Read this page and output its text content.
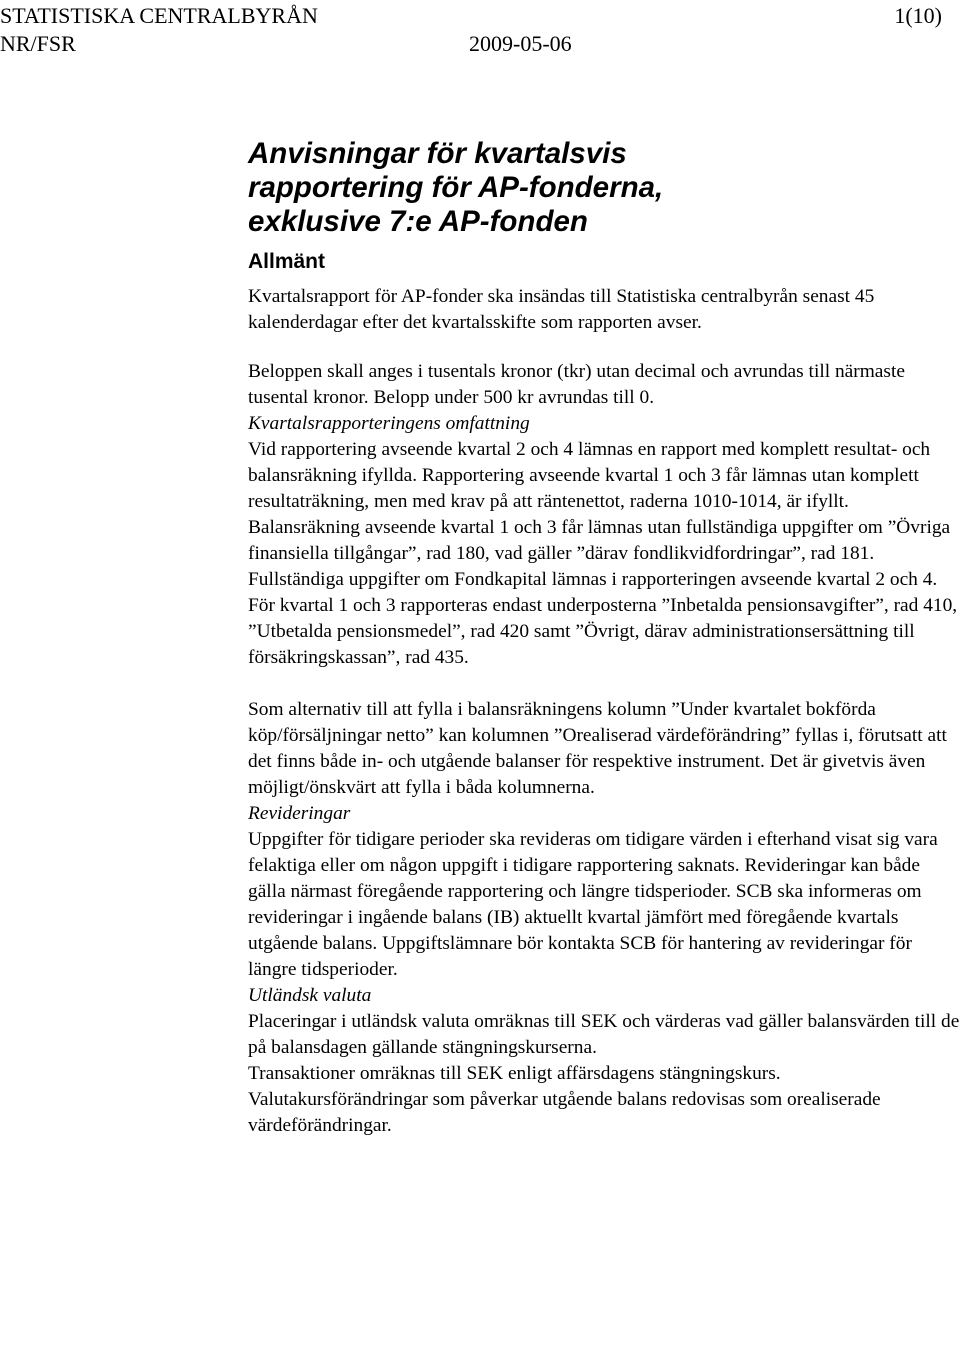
STATISTISKA CENTRALBYRÅN	1(10)
NR/FSR	2009-05-06
Anvisningar för kvartalsvis rapportering för AP-fonderna, exklusive 7:e AP-fonden
Allmänt

Kvartalsrapport för AP-fonder ska insändas till Statistiska centralbyrån senast 45 kalenderdagar efter det kvartalsskifte som rapporten avser.

Beloppen skall anges i tusentals kronor (tkr) utan decimal och avrundas till närmaste tusental kronor. Belopp under 500 kr avrundas till 0.

Kvartalsrapporteringens omfattning

Vid rapportering avseende kvartal 2 och 4 lämnas en rapport med komplett resultat- och balansräkning ifyllda. Rapportering avseende kvartal 1 och 3 får lämnas utan komplett resultaträkning, men med krav på att räntenettot, raderna 1010-1014, är ifyllt.

Balansräkning avseende kvartal 1 och 3 får lämnas utan fullständiga uppgifter om ”Övriga finansiella tillgångar”, rad 180, vad gäller ”därav fondlikvidfordringar”, rad 181.

Fullständiga uppgifter om Fondkapital lämnas i rapporteringen avseende kvartal 2 och 4. För kvartal 1 och 3 rapporteras endast underposterna ”Inbetalda pensionsavgifter”, rad 410, ”Utbetalda pensionsmedel”, rad 420 samt ”Övrigt, därav administrationsersättning till försäkringskassan”, rad 435.

Som alternativ till att fylla i balansräkningens kolumn ”Under kvartalet bokförda köp/försäljningar netto” kan kolumnen ”Orealiserad värdeförändring” fyllas i, förutsatt att det finns både in- och utgående balanser för respektive instrument. Det är givetvis även möjligt/önskvärt att fylla i båda kolumnerna.

Revideringar

Uppgifter för tidigare perioder ska revideras om tidigare värden i efterhand visat sig vara felaktiga eller om någon uppgift i tidigare rapportering saknats. Revideringar kan både gälla närmast föregående rapportering och längre tidsperioder. SCB ska informeras om revideringar i ingående balans (IB) aktuellt kvartal jämfört med föregående kvartals utgående balans. Uppgiftslämnare bör kontakta SCB för hantering av revideringar för längre tidsperioder.

Utländsk valuta

Placeringar i utländsk valuta omräknas till SEK och värderas vad gäller balansvärden till de på balansdagen gällande stängningskurserna.

Transaktioner omräknas till SEK enligt affärsdagens stängningskurs.

Valutakursförändringar som påverkar utgående balans redovisas som orealiserade värdeförändringar.
